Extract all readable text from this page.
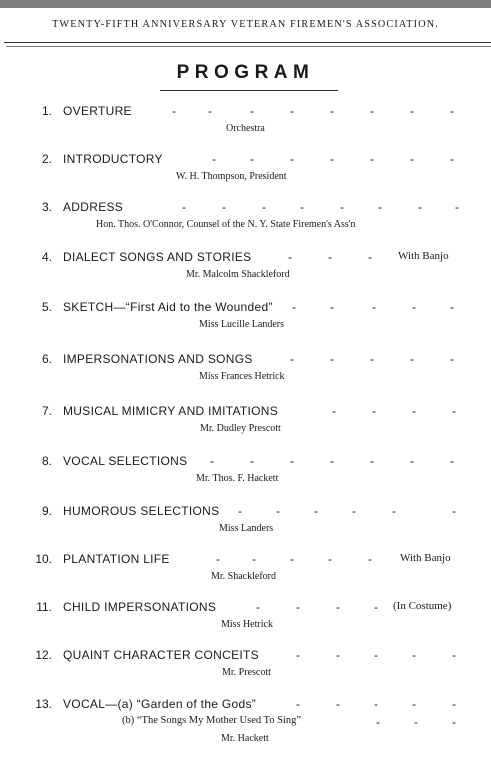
TWENTY-FIFTH ANNIVERSARY VETERAN FIREMEN'S ASSOCIATION.
PROGRAM
1. OVERTURE	-	-	-	-	-	-	-	-
Orchestra
2. INTRODUCTORY	-	-	-	-	-	-	-
W. H. Thompson, President
3. ADDRESS	-	-	-	-	-	-	-	-
Hon. Thos. O'Connor, Counsel of the N. Y. State Firemen's Ass'n
4. DIALECT SONGS AND STORIES	-	-	- With Banjo
Mr. Malcolm Shackleford
5. SKETCH—“First Aid to the Wounded” -	-	-	-	-
Miss Lucille Landers
6. IMPERSONATIONS AND SONGS	-	-	-	-	-
Miss Frances Hetrick
7. MUSICAL MIMICRY AND IMITATIONS	-	-	-	-
Mr. Dudley Prescott
8. VOCAL SELECTIONS -	-	-	-	-	-	-
Mr. Thos. F. Hackett
9. HUMOROUS SELECTIONS -	-	-	-	-	-
Miss Landers
10. PLANTATION LIFE	-	-	-	-	-	With Banjo
Mr. Shackleford
11. CHILD IMPERSONATIONS	-	-	-	- (In Costume)
Miss Hetrick
12. QUAINT CHARACTER CONCEITS	-	-	-	-	-
Mr. Prescott
13. VOCAL—(a) “Garden of the Gods”	-	-	-	-	-
(b) “The Songs My Mother Used To Sing”	-	-	-
Mr. Hackett
